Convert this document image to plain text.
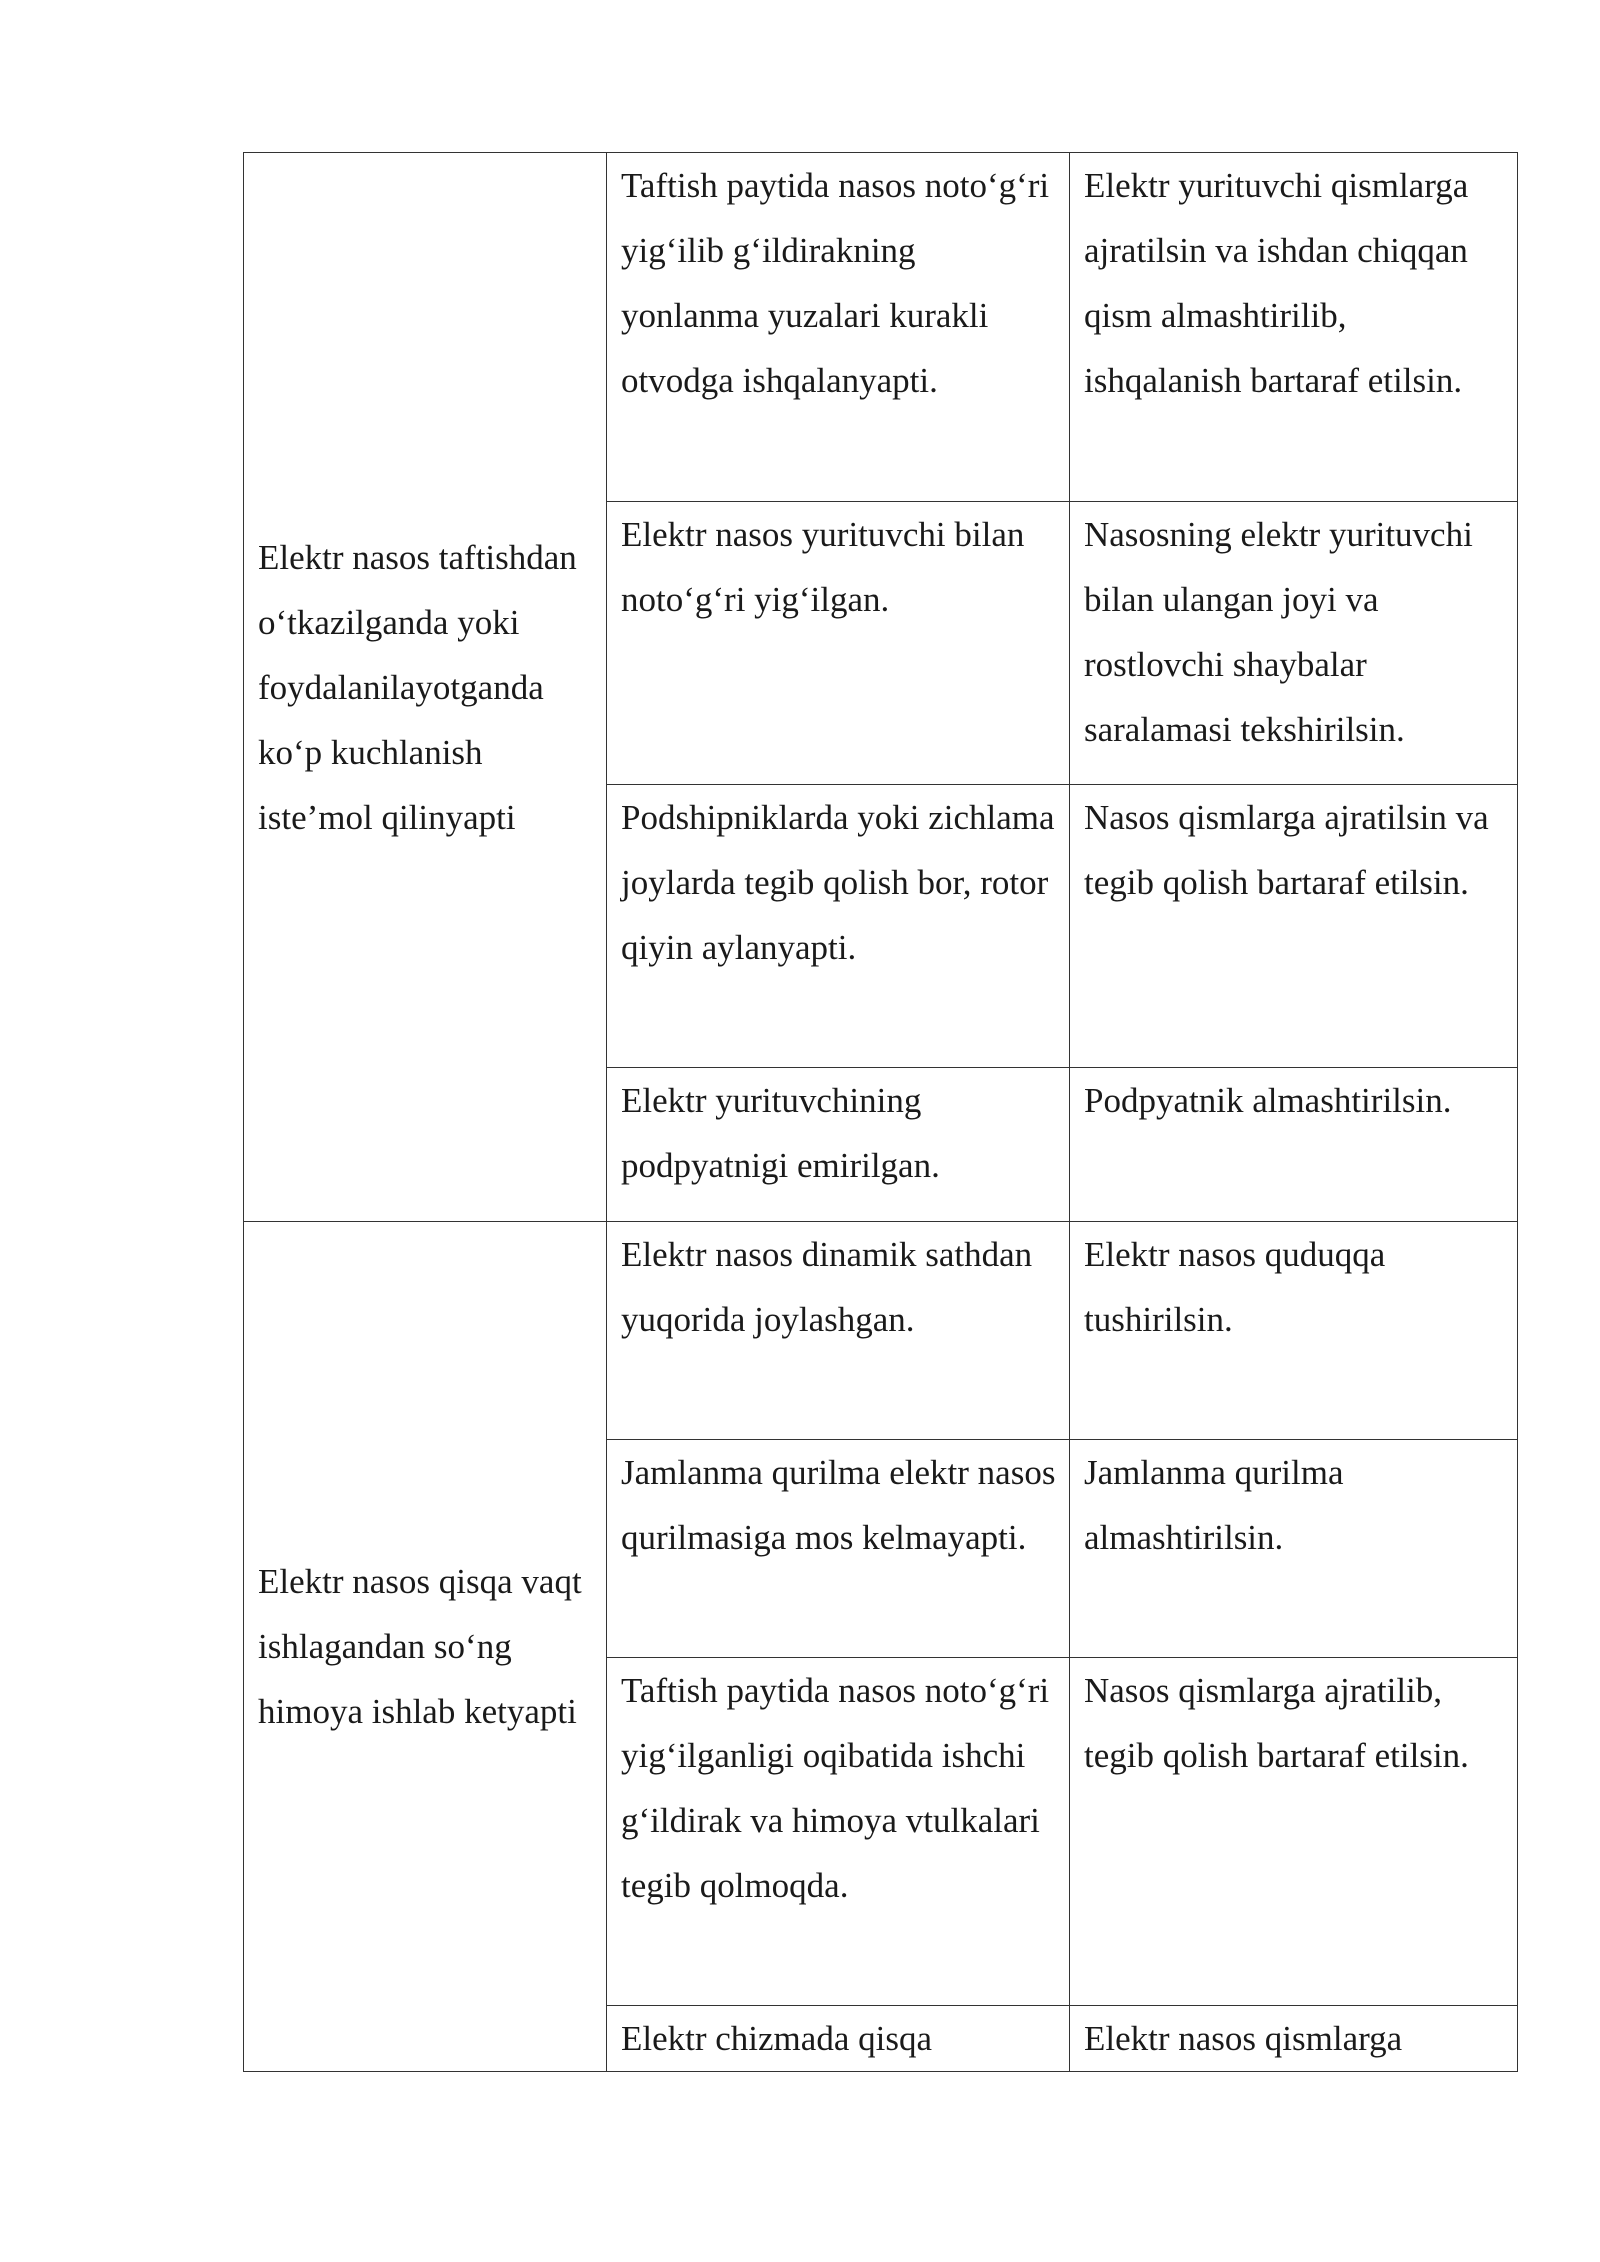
Elektr nasos taftishdan o‘tkazilganda yoki foydalanilayotganda ko‘p kuchlanish iste’mol qilinyapti	Taftish paytida nasos noto‘g‘ri yig‘ilib g‘ildirakning yonlanma yuzalari kurakli otvodga ishqalanyapti.	Elektr yurituvchi qismlarga ajratilsin va ishdan chiqqan qism almashtirilib, ishqalanish bartaraf etilsin.

	Elektr nasos yurituvchi bilan noto‘g‘ri yig‘ilgan.	Nasosning elektr yurituvchi bilan ulangan joyi va rostlovchi shaybalar saralamasi tekshirilsin.

	Podshipniklarda yoki zichlama joylarda tegib qolish bor, rotor qiyin aylanyapti.	Nasos qismlarga ajratilsin va tegib qolish bartaraf etilsin.

	Elektr yurituvchining podpyatnigi emirilgan.	Podpyatnik almashtirilsin.

Elektr nasos qisqa vaqt ishlagandan so‘ng himoya ishlab ketyapti	Elektr nasos dinamik sathdan yuqorida joylashgan.	Elektr nasos quduqqa tushirilsin.

	Jamlanma qurilma elektr nasos qurilmasiga mos kelmayapti.	Jamlanma qurilma almashtirilsin.

	Taftish paytida nasos noto‘g‘ri yig‘ilganligi oqibatida ishchi g‘ildirak va himoya vtulkalari tegib qolmoqda.	Nasos qismlarga ajratilib, tegib qolish bartaraf etilsin.

	Elektr chizmada qisqa	Elektr nasos qismlarga
